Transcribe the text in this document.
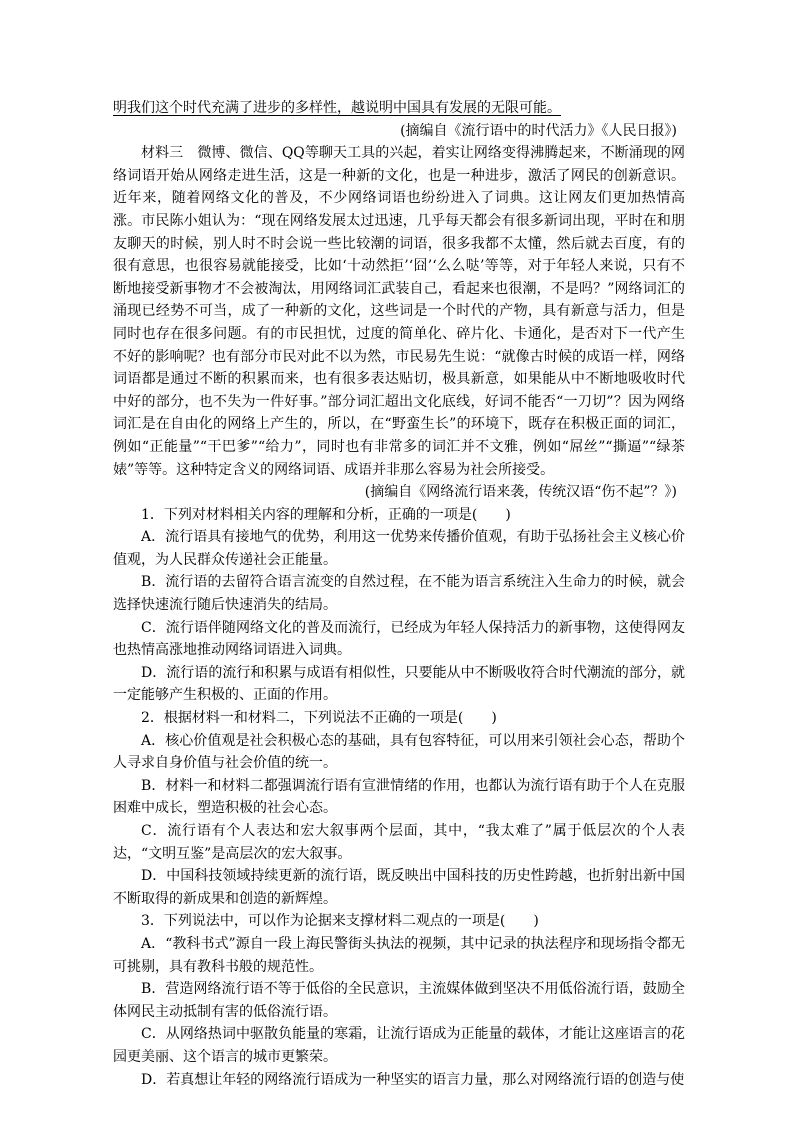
明我们这个时代充满了进步的多样性，越说明中国具有发展的无限可能。

(摘编自《流行语中的时代活力》《人民日报》)

材料三　微博、微信、QQ等聊天工具的兴起，着实让网络变得沸腾起来，不断涌现的网络词语开始从网络走进生活，这是一种新的文化，也是一种进步，激活了网民的创新意识。近年来，随着网络文化的普及，不少网络词语也纷纷进入了词典。这让网友们更加热情高涨。市民陈小姐认为：“现在网络发展太过迅速，几乎每天都会有很多新词出现，平时在和朋友聊天的时候，别人时不时会说一些比较潮的词语，很多我都不太懂，然后就去百度，有的很有意思，也很容易就能接受，比如‘十动然拒’‘囧’‘么么哒’等等，对于年轻人来说，只有不断地接受新事物才不会被淘汰，用网络词汇武装自己，看起来也很潮，不是吗？”网络词汇的涌现已经势不可当，成了一种新的文化，这些词是一个时代的产物，具有新意与活力，但是同时也存在很多问题。有的市民担忧，过度的简单化、碎片化、卡通化，是否对下一代产生不好的影响呢？也有部分市民对此不以为然，市民易先生说：“就像古时候的成语一样，网络词语都是通过不断的积累而来，也有很多表达贴切，极具新意，如果能从中不断地吸收时代中好的部分，也不失为一件好事。”部分词汇超出文化底线，好词不能否“一刀切”？因为网络词汇是在自由化的网络上产生的，所以，在“野蛮生长”的环境下，既存在积极正面的词汇，例如“正能量”“干巴爹”“给力”，同时也有非常多的词汇并不文雅，例如“屌丝”“撕逼”“绿茶婊”等等。这种特定含义的网络词语、成语并非那么容易为社会所接受。

(摘编自《网络流行语来袭，传统汉语“伤不起”？》)

1．下列对材料相关内容的理解和分析，正确的一项是(　　)

A．流行语具有接地气的优势，利用这一优势来传播价值观，有助于弘扬社会主义核心价值观，为人民群众传递社会正能量。

B．流行语的去留符合语言流变的自然过程，在不能为语言系统注入生命力的时候，就会选择快速流行随后快速消失的结局。

C．流行语伴随网络文化的普及而流行，已经成为年轻人保持活力的新事物，这使得网友也热情高涨地推动网络词语进入词典。

D．流行语的流行和积累与成语有相似性，只要能从中不断吸收符合时代潮流的部分，就一定能够产生积极的、正面的作用。

2．根据材料一和材料二，下列说法不正确的一项是(　　)

A．核心价值观是社会积极心态的基础，具有包容特征，可以用来引领社会心态，帮助个人寻求自身价值与社会价值的统一。

B．材料一和材料二都强调流行语有宣泄情绪的作用，也都认为流行语有助于个人在克服困难中成长，塑造积极的社会心态。

C．流行语有个人表达和宏大叙事两个层面，其中，“我太难了”属于低层次的个人表达，“文明互鉴”是高层次的宏大叙事。

D．中国科技领域持续更新的流行语，既反映出中国科技的历史性跨越，也折射出新中国不断取得的新成果和创造的新辉煌。

3．下列说法中，可以作为论据来支撑材料二观点的一项是(　　)

A．“教科书式”源自一段上海民警街头执法的视频，其中记录的执法程序和现场指令都无可挑剔，具有教科书般的规范性。

B．营造网络流行语不等于低俗的全民意识，主流媒体做到坚决不用低俗流行语，鼓励全体网民主动抵制有害的低俗流行语。

C．从网络热词中驱散负能量的寒霜，让流行语成为正能量的载体，才能让这座语言的花园更美丽、这个语言的城市更繁荣。

D．若真想让年轻的网络流行语成为一种坚实的语言力量，那么对网络流行语的创造与使
